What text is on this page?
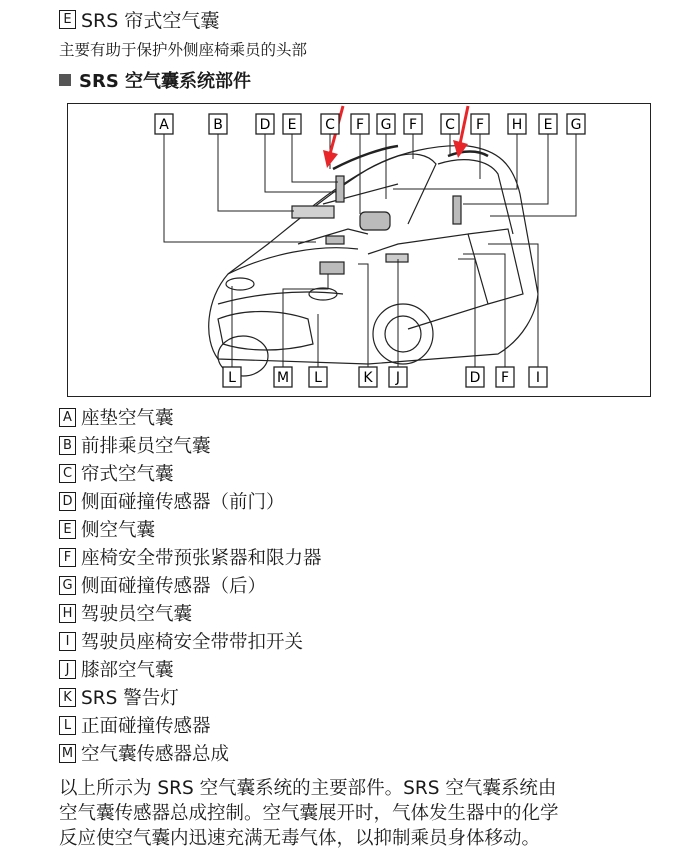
E SRS 帘式空气囊
主要有助于保护外侧座椅乘员的头部
SRS 空气囊系统部件
A	B	D E C F G F C F H E G
L	M L	K J	D F I
A 座垫空气囊
B 前排乘员空气囊
C 帘式空气囊
D 侧面碰撞传感器（前门）
E 侧空气囊
F 座椅安全带预张紧器和限力器
G 侧面碰撞传感器（后）
H 驾驶员空气囊
I 驾驶员座椅安全带带扣开关
J 膝部空气囊
K SRS 警告灯
L 正面碰撞传感器
M 空气囊传感器总成
以上所示为 SRS 空气囊系统的主要部件。SRS 空气囊系统由
空气囊传感器总成控制。空气囊展开时，气体发生器中的化学
反应使空气囊内迅速充满无毒气体，以抑制乘员身体移动。
